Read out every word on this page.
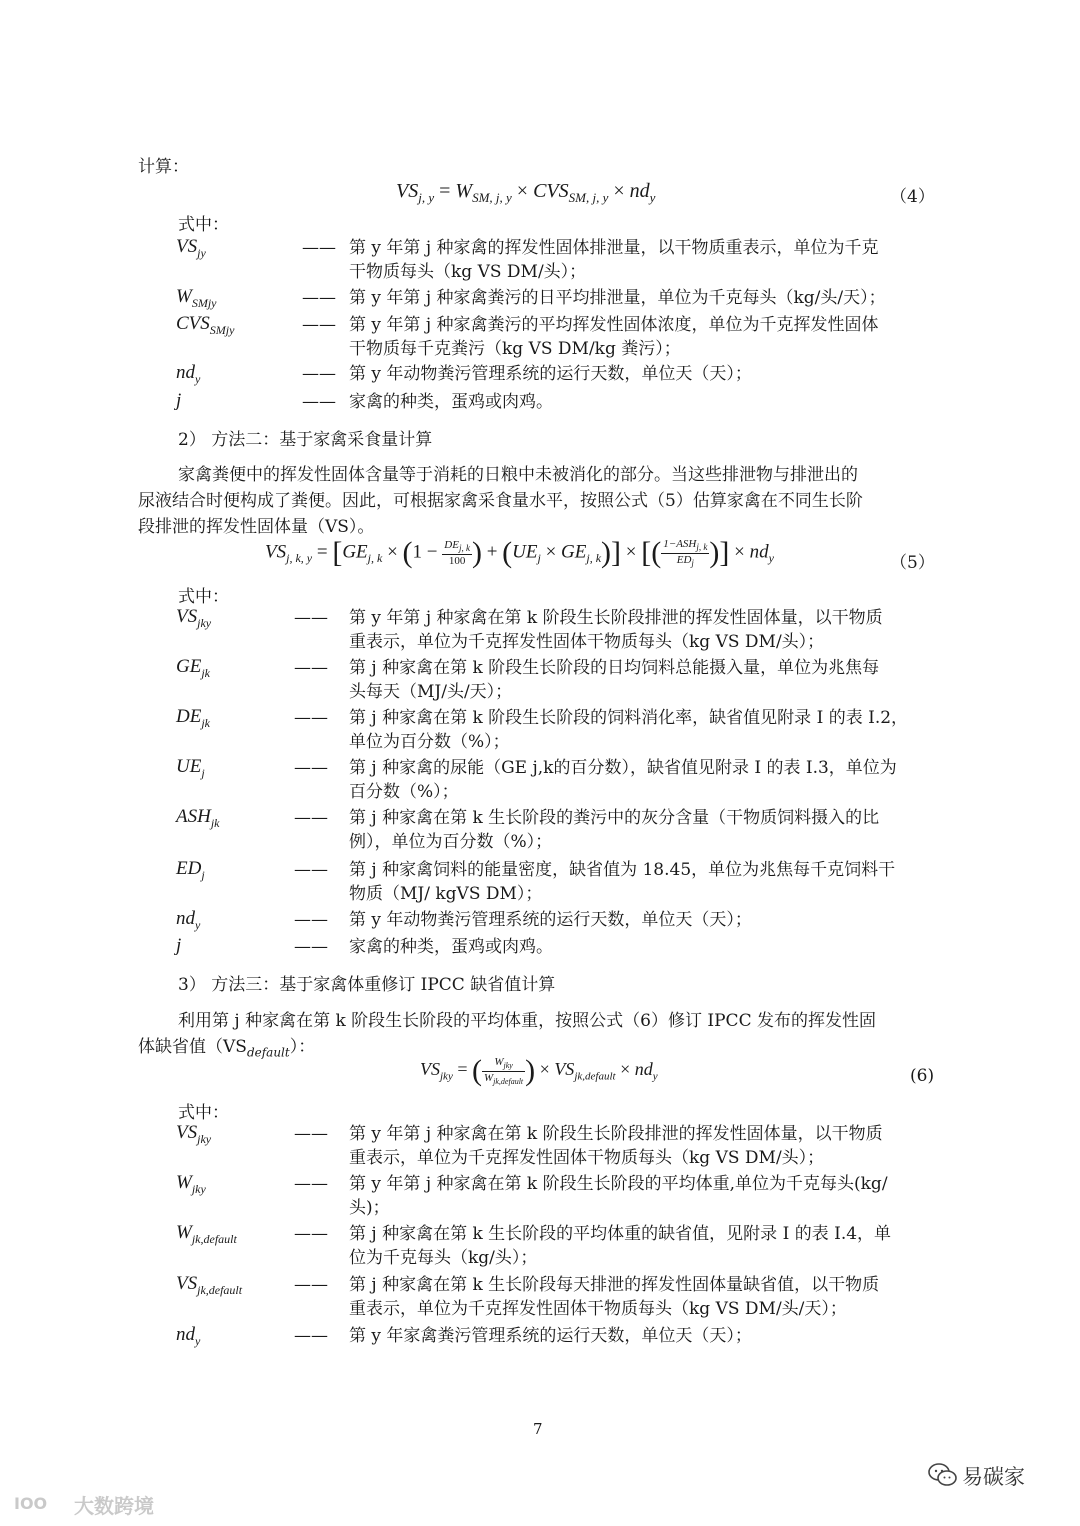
计算：
$VS_{j, y} = W_{SM, j, y} \times CVS_{SM, j, y} \times nd_y$	（4）
式中：
$VS_{jy}$	—— 第 y 年第 j 种家禽的挥发性固体排泄量，以干物质重表示，单位为千克
干物质每头（kg VS DM/头）；
$W_{SMjy}$	—— 第 y 年第 j 种家禽粪污的日平均排泄量，单位为千克每头（kg/头/天）；
$CVS_{SMjy}$	—— 第 y 年第 j 种家禽粪污的平均挥发性固体浓度，单位为千克挥发性固体
干物质每千克粪污（kg VS DM/kg 粪污）；
$nd_y$	—— 第 y 年动物粪污管理系统的运行天数，单位天（天）；
j	—— 家禽的种类，蛋鸡或肉鸡。
2） 方法二：基于家禽采食量计算
家禽粪便中的挥发性固体含量等于消耗的日粮中未被消化的部分。当这些排泄物与排泄出的
尿液结合时便构成了粪便。因此，可根据家禽采食量水平，按照公式（5）估算家禽在不同生长阶
段排泄的挥发性固体量（VS）。
$VS_{j, k, y} = [GE_{j, k} \times (1 - \frac{DE_{j, k}}{100}$ ) + $(UE_j \times GE_{j, k})$] × [( $\frac{1-ASH_{j, k}}{ED_j}$ )] × $nd_y$	（5）
式中：
$VS_{jky}$	—— 第 y 年第 j 种家禽在第 k 阶段生长阶段排泄的挥发性固体量，以干物质
重表示，单位为千克挥发性固体干物质每头（kg VS DM/头）；
$GE_{jk}$	—— 第 j 种家禽在第 k 阶段生长阶段的日均饲料总能摄入量，单位为兆焦每
头每天（MJ/头/天）；
$DE_{jk}$	—— 第 j 种家禽在第 k 阶段生长阶段的饲料消化率，缺省值见附录 I 的表 I.2，
单位为百分数（%）；
$UE_j$	—— 第 j 种家禽的尿能（GE j,k的百分数），缺省值见附录 I 的表 I.3，单位为
百分数（%）；
$ASH_{jk}$	—— 第 j 种家禽在第 k 生长阶段的粪污中的灰分含量（干物质饲料摄入的比
例），单位为百分数（%）；
$ED_j$	—— 第 j 种家禽饲料的能量密度，缺省值为 18.45，单位为兆焦每千克饲料干
物质（MJ/ kgVS DM）；
$nd_y$	—— 第 y 年动物粪污管理系统的运行天数，单位天（天）；
j	—— 家禽的种类，蛋鸡或肉鸡。
3） 方法三：基于家禽体重修订 IPCC 缺省值计算
利用第 j 种家禽在第 k 阶段生长阶段的平均体重，按照公式（6）修订 IPCC 发布的挥发性固
体缺省值$(VS_{default})$：
$VS_{jky}$ = ( $\frac{W_{jky}}{W_{jk,default}}$ ) × $VS_{jk,default} \times nd_y$	(6)
式中：
$VS_{jky}$	—— 第 y 年第 j 种家禽在第 k 阶段生长阶段排泄的挥发性固体量，以干物质
重表示，单位为千克挥发性固体干物质每头（kg VS DM/头）；
$W_{jky}$	—— 第 y 年第 j 种家禽在第 k 阶段生长阶段的平均体重,单位为千克每头(kg/
头)；
$W_{jk,default}$	—— 第 j 种家禽在第 k 生长阶段的平均体重的缺省值，见附录 I 的表 I.4，单
位为千克每头（kg/头）；
$VS_{jk,default}$	—— 第 j 种家禽在第 k 生长阶段每天排泄的挥发性固体量缺省值，以干物质
重表示，单位为千克挥发性固体干物质每头（kg VS DM/头/天）；
$nd_y$	—— 第 y 年家禽粪污管理系统的运行天数，单位天（天）；
7
IOO 大数跨境
易碳家
